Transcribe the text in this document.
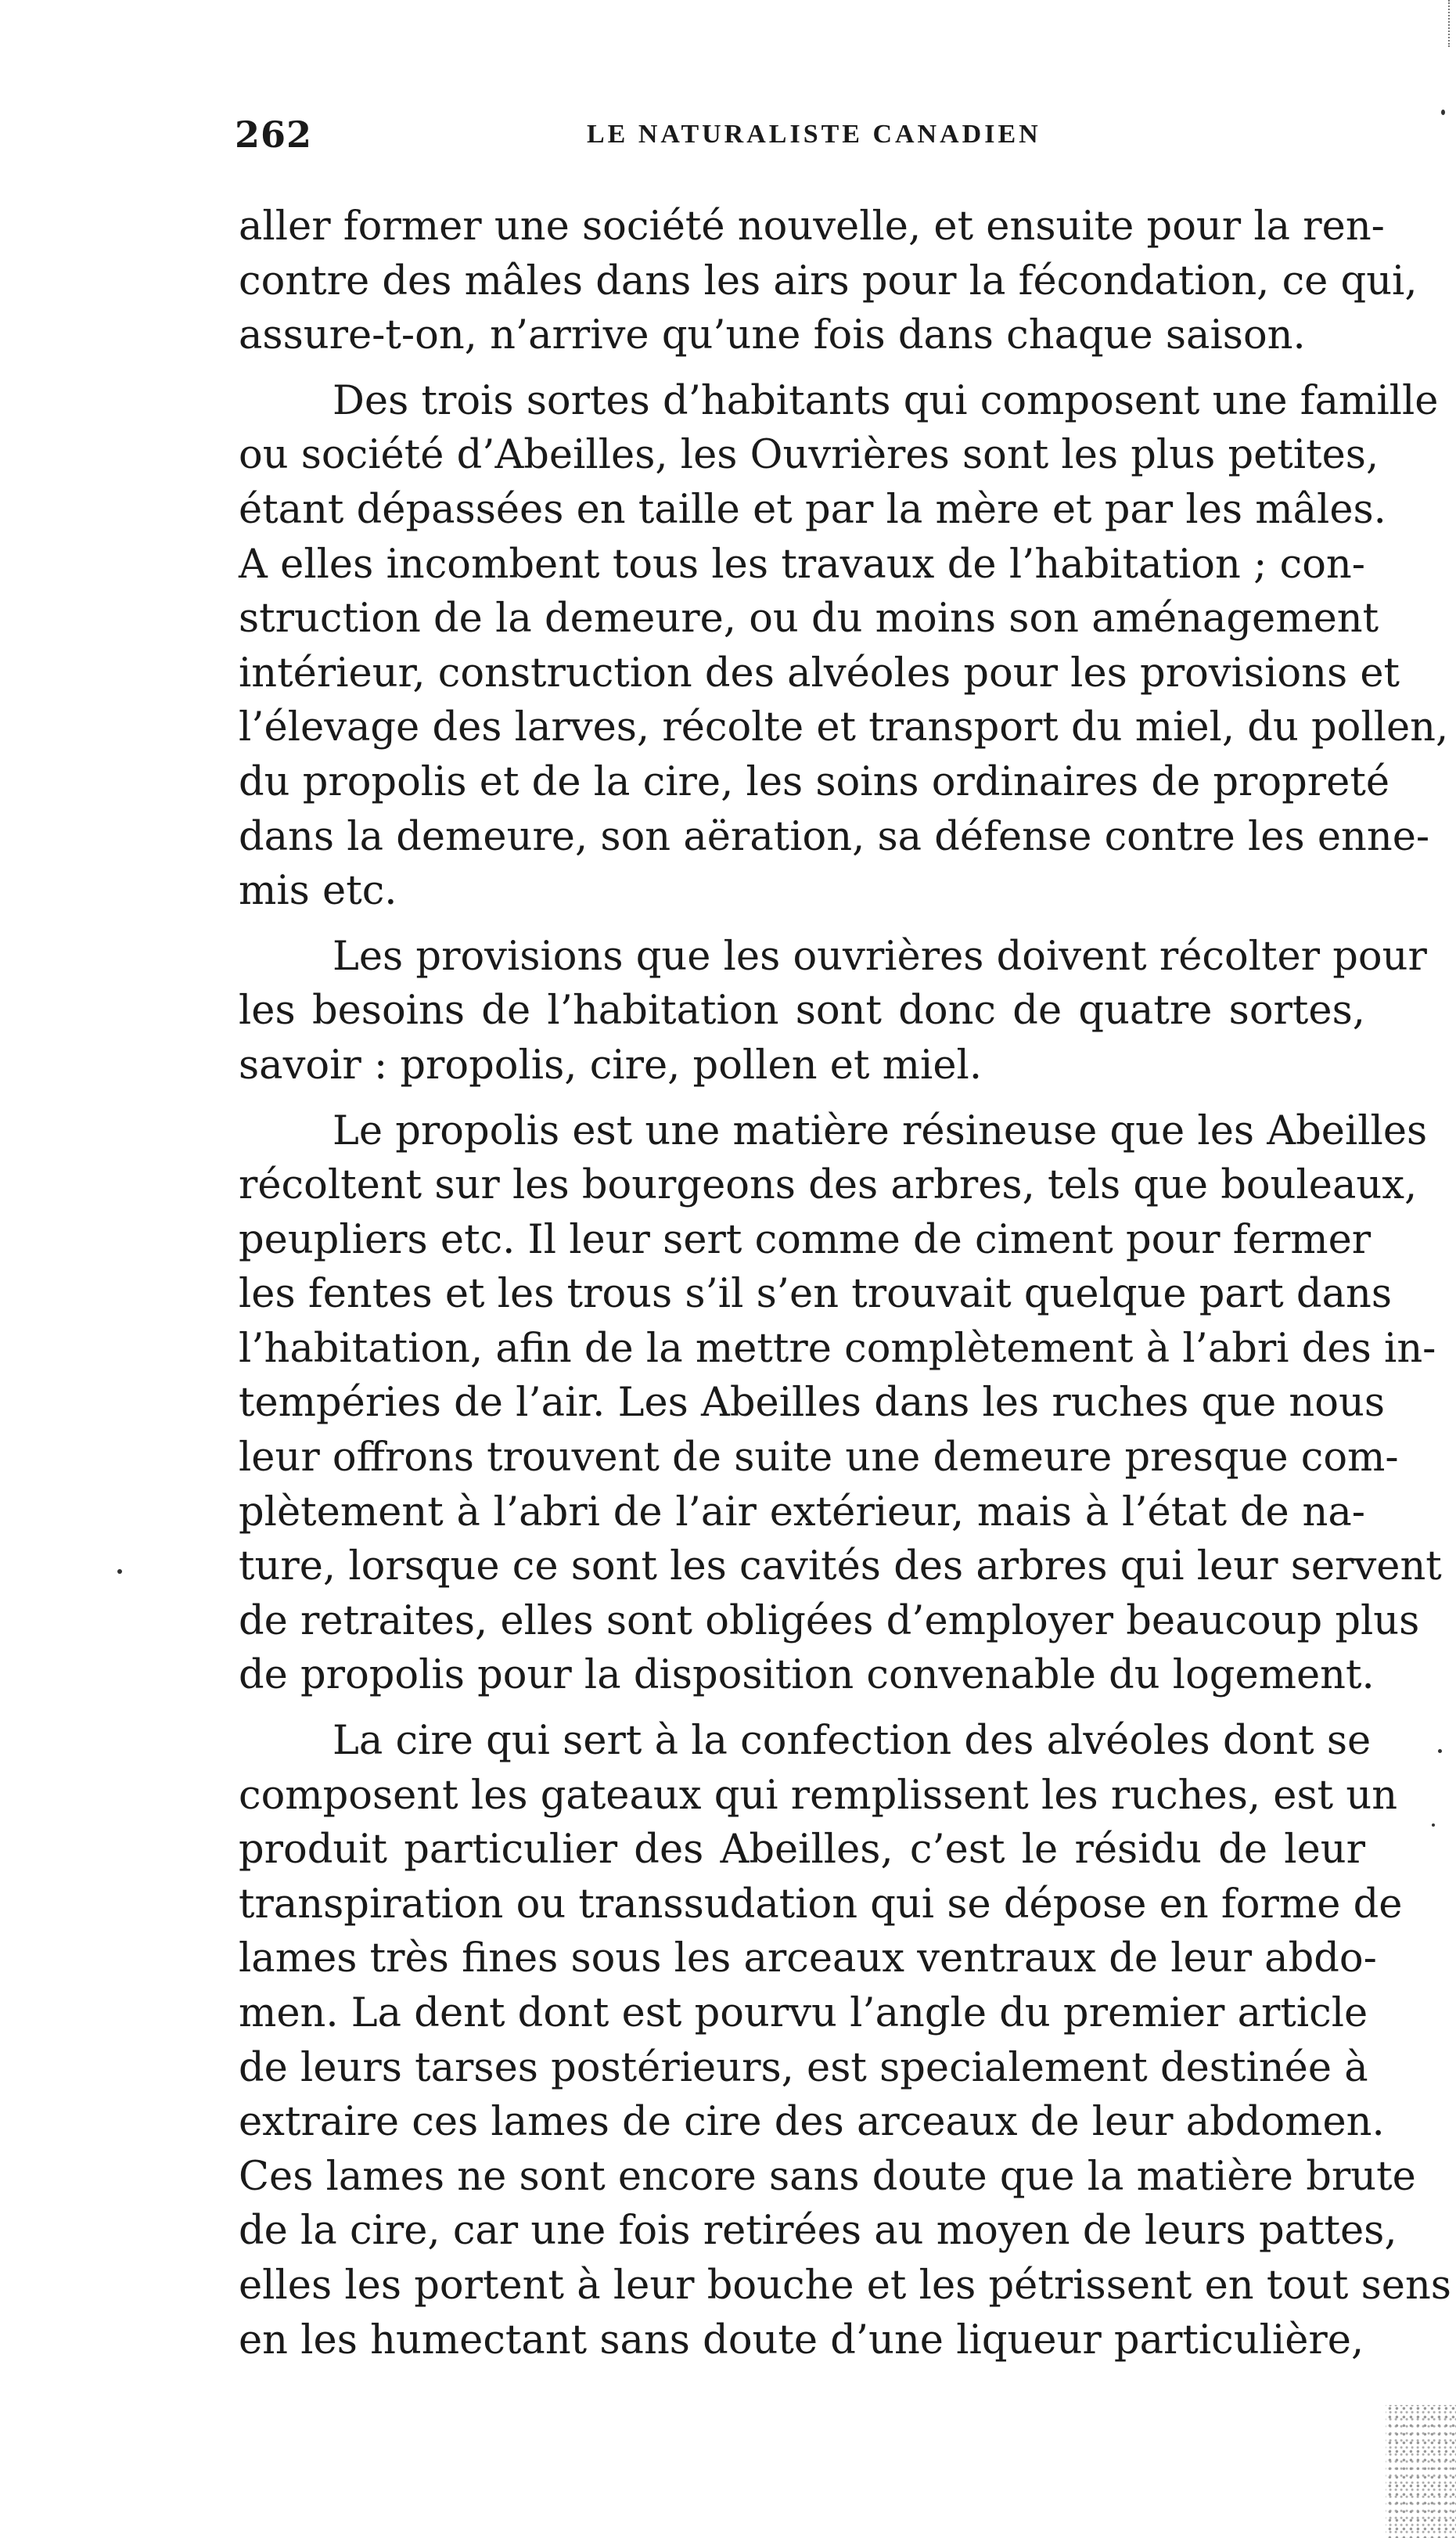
262	LE NATURALISTE CANADIEN
aller former une société nouvelle, et ensuite pour la ren-
contre des mâles dans les airs pour la fécondation, ce qui,
assure-t-on, n’arrive qu’une fois dans chaque saison.
Des trois sortes d’habitants qui composent une famille
ou société d’Abeilles, les Ouvrières sont les plus petites,
étant dépassées en taille et par la mère et par les mâles.
A elles incombent tous les travaux de l’habitation ; con-
struction de la demeure, ou du moins son aménagement
intérieur, construction des alvéoles pour les provisions et
l’élevage des larves, récolte et transport du miel, du pollen,
du propolis et de la cire, les soins ordinaires de propreté
dans la demeure, son aëration, sa défense contre les enne-
mis etc.
Les provisions que les ouvrières doivent récolter pour
les besoins de l’habitation sont donc de quatre sortes,
savoir : propolis, cire, pollen et miel.
Le propolis est une matière résineuse que les Abeilles
récoltent sur les bourgeons des arbres, tels que bouleaux,
peupliers etc. Il leur sert comme de ciment pour fermer
les fentes et les trous s’il s’en trouvait quelque part dans
l’habitation, afin de la mettre complètement à l’abri des in-
tempéries de l’air. Les Abeilles dans les ruches que nous
leur offrons trouvent de suite une demeure presque com-
plètement à l’abri de l’air extérieur, mais à l’état de na-
ture, lorsque ce sont les cavités des arbres qui leur servent
de retraites, elles sont obligées d’employer beaucoup plus
de propolis pour la disposition convenable du logement.
La cire qui sert à la confection des alvéoles dont se
composent les gateaux qui remplissent les ruches, est un
produit particulier des Abeilles, c’est le résidu de leur
transpiration ou transsudation qui se dépose en forme de
lames très fines sous les arceaux ventraux de leur abdo-
men. La dent dont est pourvu l’angle du premier article
de leurs tarses postérieurs, est specialement destinée à
extraire ces lames de cire des arceaux de leur abdomen.
Ces lames ne sont encore sans doute que la matière brute
de la cire, car une fois retirées au moyen de leurs pattes,
elles les portent à leur bouche et les pétrissent en tout sens
en les humectant sans doute d’une liqueur particulière,
